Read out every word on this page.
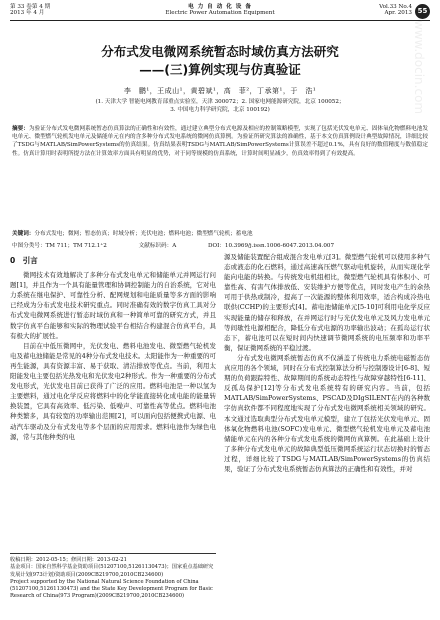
第 33 卷第 4 期
2013 年 4 月
电 力 自 动 化 设 备
Electric Power Automation Equipment
Vol.33 No.4
Apr. 2013 55
www.docin.com
分布式发电微网系统暂态时域仿真方法研究
——(三)算例实现与仿真验证
李　鹏¹，王成山¹，黄碧斌¹，高　菲²，丁承第¹，于　浩¹
(1. 天津大学 智能电网教育部重点实验室，天津 300072；2. 国家电网能源研究院，北京 100052；
3. 中国电力科学研究院，北京 100192)
摘要：为验证分布式发电微网系统暂态仿真算法的正确性和有效性，通过建立典型分布式电源及相应的控制策略模型，实现了包括光伏发电单元、固体氧化物燃料电池发电单元、微型燃气轮机发电单元及储能单元在内的含多种分布式发电系统的微网仿真算例。为验证所研究算法的准确性，基于本文仿真算例设计典型故障情况，详细比较了TSDG与MATLAB/SimPowerSystems的仿真结果。仿真结果表明TSDG与MATLAB/SimPowerSystems计算误差不超过0.1%，具有良好的数值精度与数值稳定性。仿真计算用时表明所提方法在计算效率方面具有明显的优势，对于同等规模的仿真系统，计算时间明显减少，仿真效率得到了有效提高。
关键词：分布式发电；微网；暂态仿真；时域分析；光伏电池；燃料电池；微型燃气轮机；蓄电池
中图分类号：TM 711；TM 712.1⁺2	文献标识码：A	DOI：10.3969/j.issn.1006-6047.2013.04.007
0　引言

微网技术有效地解决了多种分布式发电单元和储能单元并网运行问题[1]，并且作为一个具有能量管理和协调控制能力的自治系统，它对电力系统在继电保护、可靠性分析、配网规划和电能质量等多方面的影响已经成为分布式发电技术研究重点。同时准确有效的数字仿真工具对分布式发电微网系统进行暂态时域仿真和一种简单可靠的研究方式，并且数字仿真平台能够和实际的物理试验平台相结合构建混合仿真平台，具有极大的扩展性。

目前在中低压微网中，光伏发电、燃料电池发电、微型燃气轮机发电及蓄电池储能是常见的4种分布式发电技术。太阳能作为一种重要的可再生能源，具有资源丰富、易于获取、清洁排放等优点。当前，利用太阳能发电主要包括光热发电和光伏发电2种形式。作为一种重要的分布式发电形式，光伏发电目前已获得了广泛的应用。燃料电池是一种以氢为主要燃料，通过电化学反应将燃料中的化学能直接转化成电能的能量转换装置，它具有高效率、低污染、低噪声、可靠性高等优点。燃料电池种类繁多，具有较宽的功率输出范围[2]，可以面向包括便携式电源、电动汽车驱动及分布式发电等多个层面的应用需求。燃料电池作为绿色电源，常与其他种类的电

源及储能装置配合组成混合发电单元[3]。微型燃气轮机可以使用多种气态或液态的化石燃料，通过高速高压燃气驱动电机旋转，从而实现化学能向电能的转换。与传统发电机组相比，微型燃气轮机具有体积小、可靠性高、有害气体排放低、安装维护方便等优点，同时发电产生的余热可用于供热或制冷，提高了一次能源的整体利用效率，适合构成冷热电联供(CCHP)的主要形式[4]。蓄电池储能单元[5-10]可利用电化学反应实现能量的储存和释放，在并网运行时与光伏发电单元及风力发电单元等间歇性电源相配合，降低分布式电源的功率输出波动；在孤岛运行状态下，蓄电池可以在短时间内快速调节微网系统的电压频率和功率平衡，保证微网系统的平稳过渡。

分布式发电微网系统暂态仿真不仅涵盖了传统电力系统电磁暂态仿真应用的各个领域，同时在分布式控制算法分析与控制器设计[6-8]、短期的负荷跟踪特性、故障期间的系统动态特性与故障穿越特性[6-11]、反孤岛保护[12]等分布式发电系统特有的研究内容。当前，包括MATLAB/SimPowerSystems、PSCAD及DIgSILENT在内的各种数字仿真软件都不同程度地实现了分布式发电微网系统相关领域的研究。本文通过选取典型分布式发电单元模型，建立了包括光伏发电单元、固体氧化物燃料电池(SOFC)发电单元、微型燃气轮机发电单元及蓄电池储能单元在内的各种分布式发电系统的微网仿真算例。在此基础上设计了多种分布式发电单元的故障典型低压微网系统运行状态切换时的暂态过程，详细比较了TSDG与MATLAB/SimPowerSystems的仿真结果，验证了分布式发电系统暂态仿真算法的正确性和有效性，并对

收稿日期：2012-05-15；修回日期：2013-02-21
基金项目：国家自然科学基金资助项目(51207100,51261130473)；国家重点基础研究发展计划(973计划)资助项目(2009CB219700,2010CB234600)
Project supported by the National Natural Science Foundation of China (51207100,51261130473) and the State Key Development Program for Basic Research of China(973 Program)(2009CB219700,2010CB234600)
